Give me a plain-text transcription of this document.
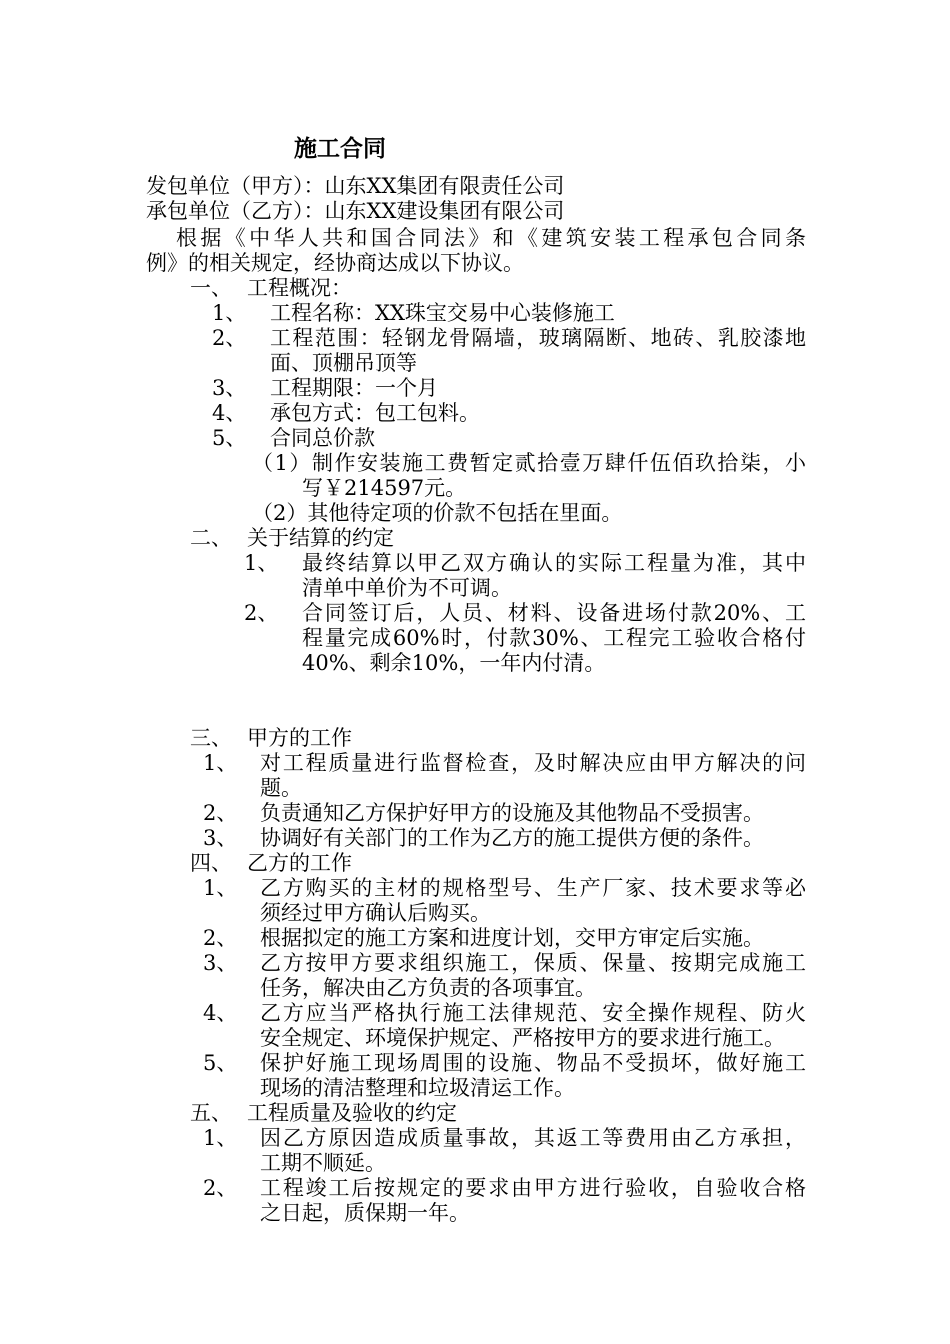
施工合同
发包单位（甲方）：山东XX集团有限责任公司
承包单位（乙方）：山东XX建设集团有限公司
根据《中华人共和国合同法》和《建筑安装工程承包合同条
例》的相关规定，经协商达成以下协议。
一、 工程概况：
1、 工程名称：XX珠宝交易中心装修施工
2、 工程范围：轻钢龙骨隔墙，玻璃隔断、地砖、乳胶漆地
面、顶棚吊顶等
3、 工程期限：一个月
4、 承包方式：包工包料。
5、 合同总价款
（1）制作安装施工费暂定贰拾壹万肆仟伍佰玖拾柒，小
写￥214597元。
（2）其他待定项的价款不包括在里面。
二、 关于结算的约定
1、 最终结算以甲乙双方确认的实际工程量为准，其中
清单中单价为不可调。
2、 合同签订后，人员、材料、设备进场付款20%、工
程量完成60%时，付款30%、工程完工验收合格付
40%、剩余10%，一年内付清。
三、 甲方的工作
1、 对工程质量进行监督检查，及时解决应由甲方解决的问
题。
2、 负责通知乙方保护好甲方的设施及其他物品不受损害。
3、 协调好有关部门的工作为乙方的施工提供方便的条件。
四、 乙方的工作
1、 乙方购买的主材的规格型号、生产厂家、技术要求等必
须经过甲方确认后购买。
2、 根据拟定的施工方案和进度计划，交甲方审定后实施。
3、 乙方按甲方要求组织施工，保质、保量、按期完成施工
任务，解决由乙方负责的各项事宜。
4、 乙方应当严格执行施工法律规范、安全操作规程、防火
安全规定、环境保护规定、严格按甲方的要求进行施工。
5、 保护好施工现场周围的设施、物品不受损坏，做好施工
现场的清洁整理和垃圾清运工作。
五、 工程质量及验收的约定
1、 因乙方原因造成质量事故，其返工等费用由乙方承担，
工期不顺延。
2、 工程竣工后按规定的要求由甲方进行验收，自验收合格
之日起，质保期一年。
